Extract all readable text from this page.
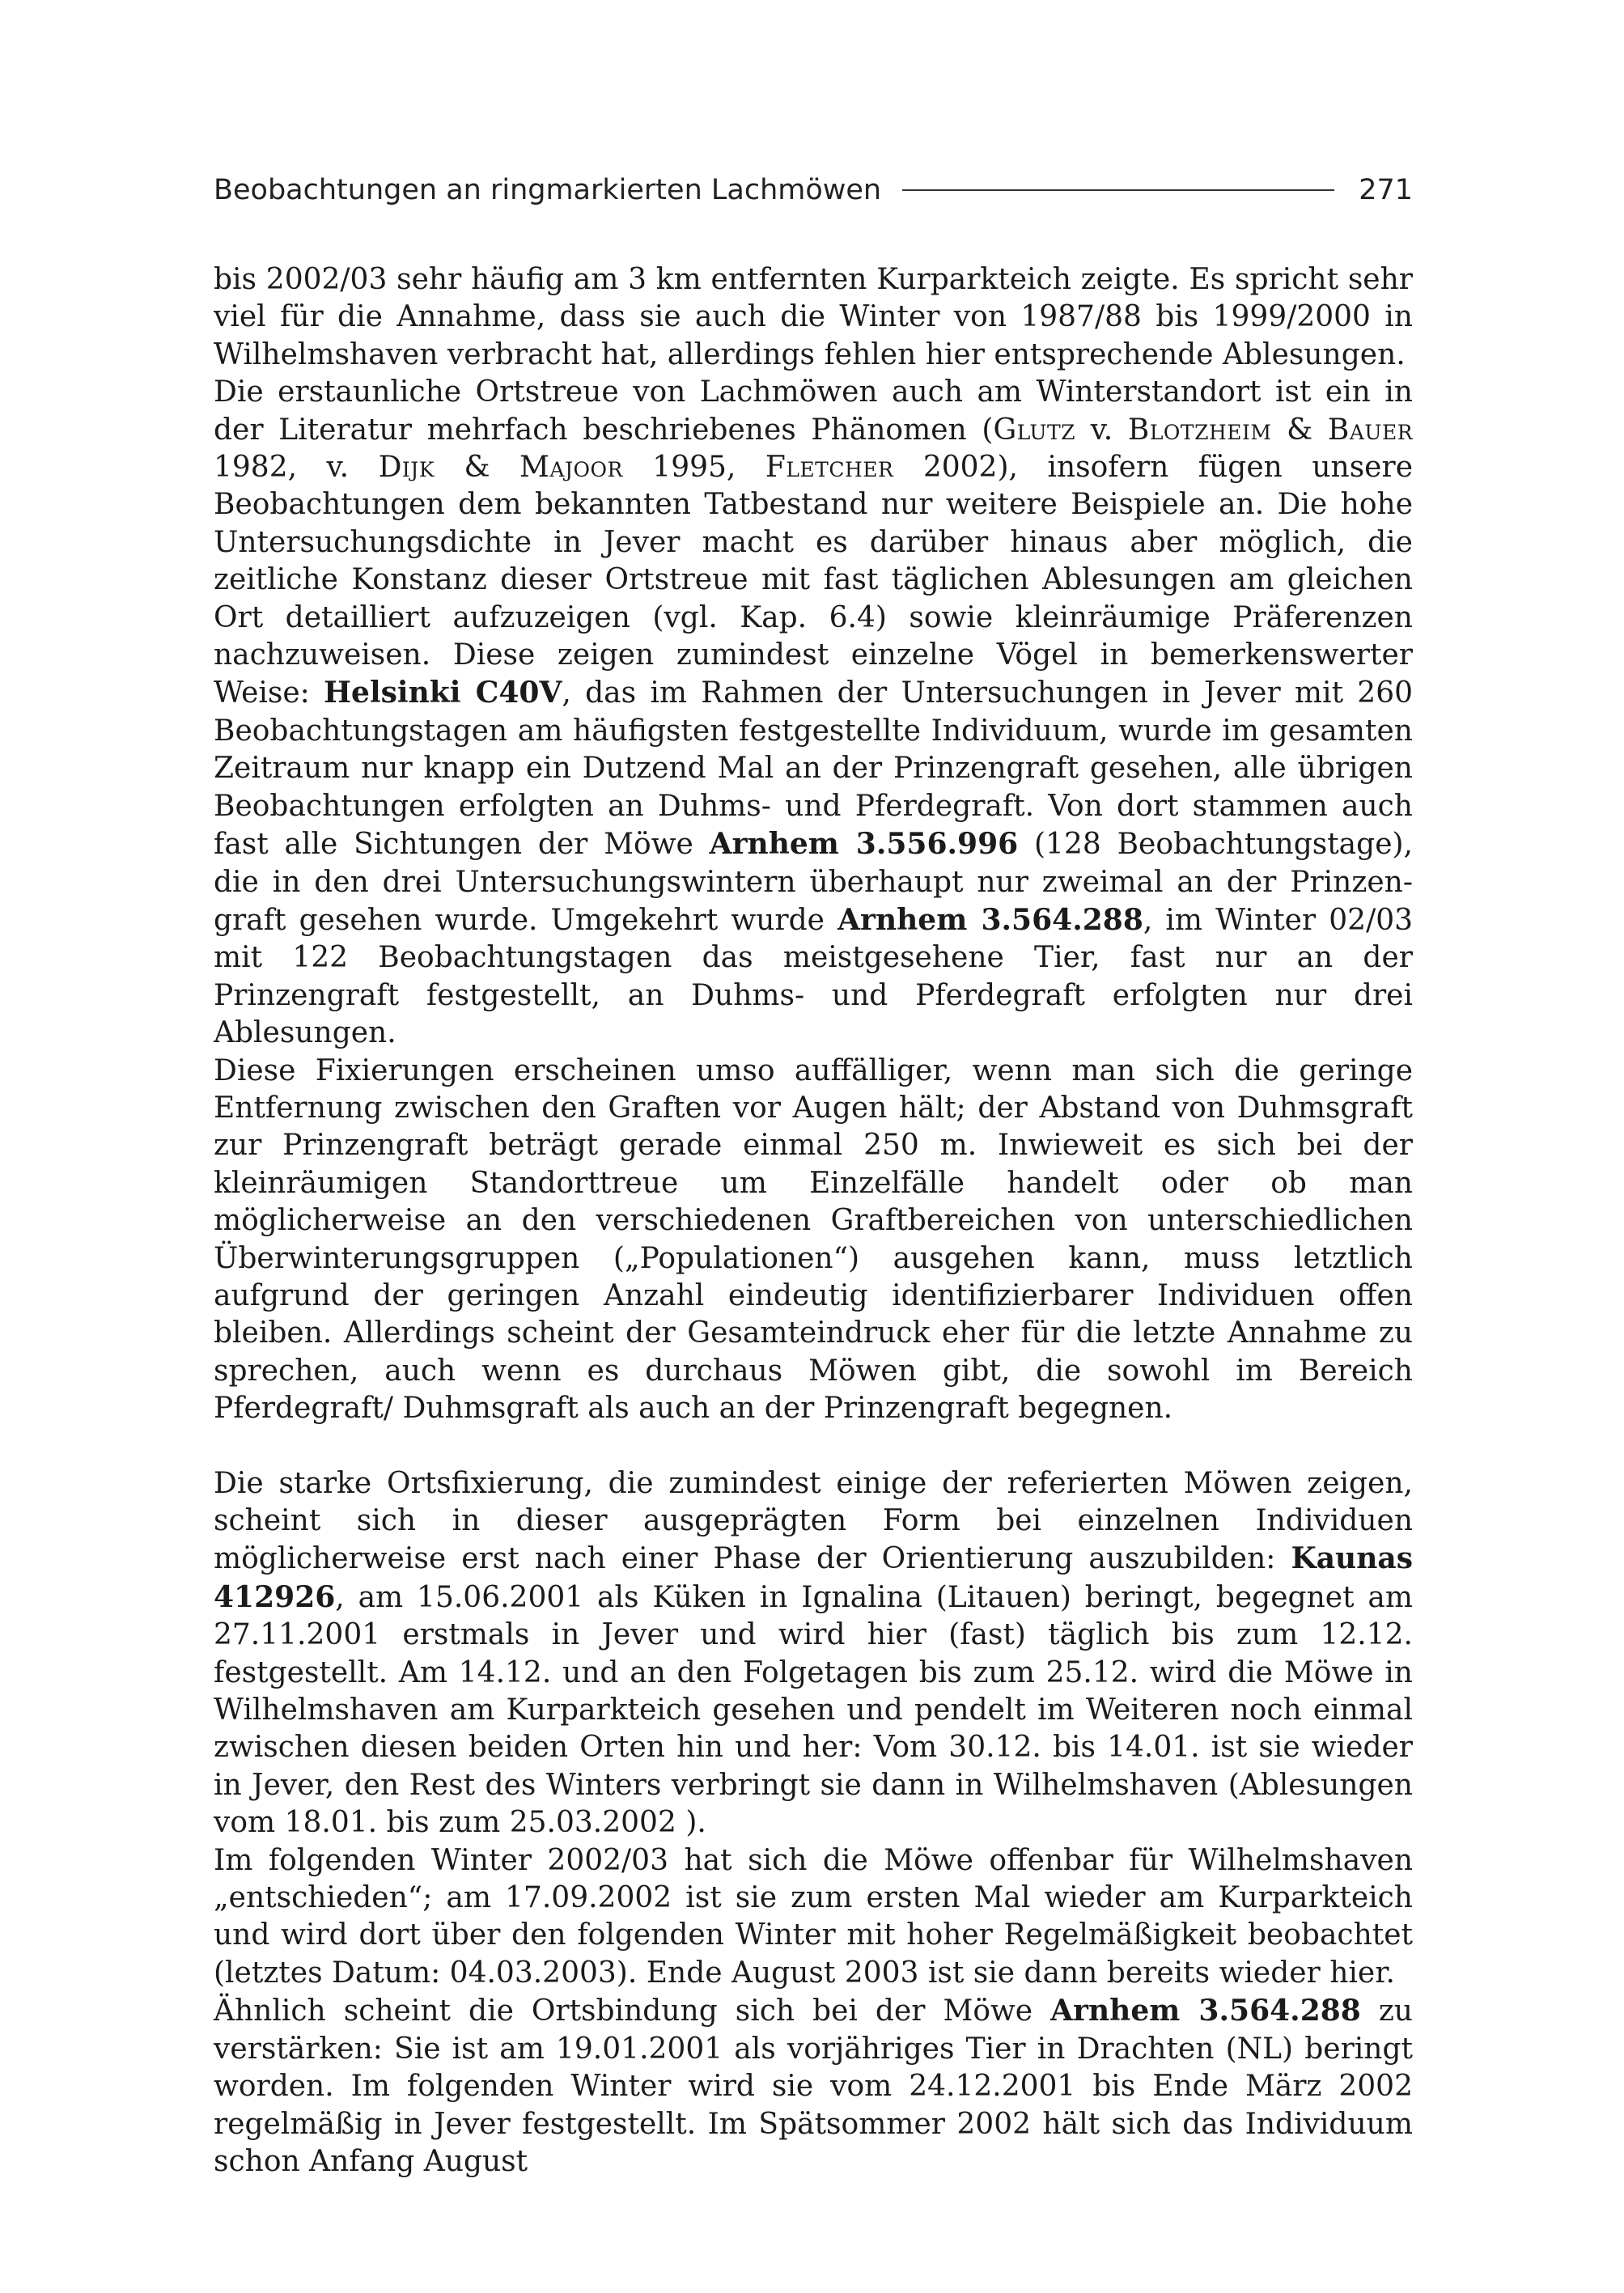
Beobachtungen an ringmarkierten Lachmöwen	271

bis 2002/03 sehr häufig am 3 km entfernten Kurparkteich zeigte. Es spricht sehr viel für die Annahme, dass sie auch die Winter von 1987/88 bis 1999/2000 in Wilhelmshaven verbracht hat, allerdings fehlen hier entsprechende Ablesungen.

Die erstaunliche Ortstreue von Lachmöwen auch am Winterstandort ist ein in der Literatur mehrfach beschriebenes Phänomen (Glutz v. Blotzheim & Bauer 1982, v. Dijk & Majoor 1995, Fletcher 2002), insofern fügen unsere Beobachtungen dem bekannten Tatbestand nur weitere Beispiele an. Die hohe Untersuchungsdichte in Jever macht es darüber hinaus aber möglich, die zeitliche Konstanz dieser Ortstreue mit fast täglichen Ablesungen am gleichen Ort detailliert aufzuzeigen (vgl. Kap. 6.4) sowie kleinräumige Präferenzen nachzuweisen. Diese zeigen zumindest einzelne Vögel in bemerkenswerter Weise: Helsinki C40V, das im Rahmen der Untersuchungen in Jever mit 260 Beobachtungstagen am häufigsten festgestellte Individuum, wurde im gesamten Zeitraum nur knapp ein Dutzend Mal an der Prinzengraft gesehen, alle übrigen Beobachtungen erfolgten an Duhms- und Pferdegraft. Von dort stammen auch fast alle Sichtungen der Möwe Arnhem 3.556.996 (128 Beobachtungstage), die in den drei Untersuchungswintern überhaupt nur zweimal an der Prinzengraft gesehen wurde. Umgekehrt wurde Arnhem 3.564.288, im Winter 02/03 mit 122 Beobachtungstagen das meistgesehene Tier, fast nur an der Prinzengraft festgestellt, an Duhms- und Pferdegraft erfolgten nur drei Ablesungen.

Diese Fixierungen erscheinen umso auffälliger, wenn man sich die geringe Entfernung zwischen den Graften vor Augen hält; der Abstand von Duhmsgraft zur Prinzengraft beträgt gerade einmal 250 m. Inwieweit es sich bei der kleinräumigen Standorttreue um Einzelfälle handelt oder ob man möglicherweise an den verschiedenen Graftbereichen von unterschiedlichen Überwinterungsgruppen („Populationen“) ausgehen kann, muss letztlich aufgrund der geringen Anzahl eindeutig identifizierbarer Individuen offen bleiben. Allerdings scheint der Gesamteindruck eher für die letzte Annahme zu sprechen, auch wenn es durchaus Möwen gibt, die sowohl im Bereich Pferdegraft/ Duhmsgraft als auch an der Prinzengraft begegnen.

Die starke Ortsfixierung, die zumindest einige der referierten Möwen zeigen, scheint sich in dieser ausgeprägten Form bei einzelnen Individuen möglicherweise erst nach einer Phase der Orientierung auszubilden: Kaunas 412926, am 15.06.2001 als Küken in Ignalina (Litauen) beringt, begegnet am 27.11.2001 erstmals in Jever und wird hier (fast) täglich bis zum 12.12. festgestellt. Am 14.12. und an den Folgetagen bis zum 25.12. wird die Möwe in Wilhelmshaven am Kurparkteich gesehen und pendelt im Weiteren noch einmal zwischen diesen beiden Orten hin und her: Vom 30.12. bis 14.01. ist sie wieder in Jever, den Rest des Winters verbringt sie dann in Wilhelmshaven (Ablesungen vom 18.01. bis zum 25.03.2002 ).

Im folgenden Winter 2002/03 hat sich die Möwe offenbar für Wilhelmshaven „entschieden“; am 17.09.2002 ist sie zum ersten Mal wieder am Kurparkteich und wird dort über den folgenden Winter mit hoher Regelmäßigkeit beobachtet (letztes Datum: 04.03.2003). Ende August 2003 ist sie dann bereits wieder hier.

Ähnlich scheint die Ortsbindung sich bei der Möwe Arnhem 3.564.288 zu verstärken: Sie ist am 19.01.2001 als vorjähriges Tier in Drachten (NL) beringt worden. Im folgenden Winter wird sie vom 24.12.2001 bis Ende März 2002 regelmäßig in Jever festgestellt. Im Spätsommer 2002 hält sich das Individuum schon Anfang August
